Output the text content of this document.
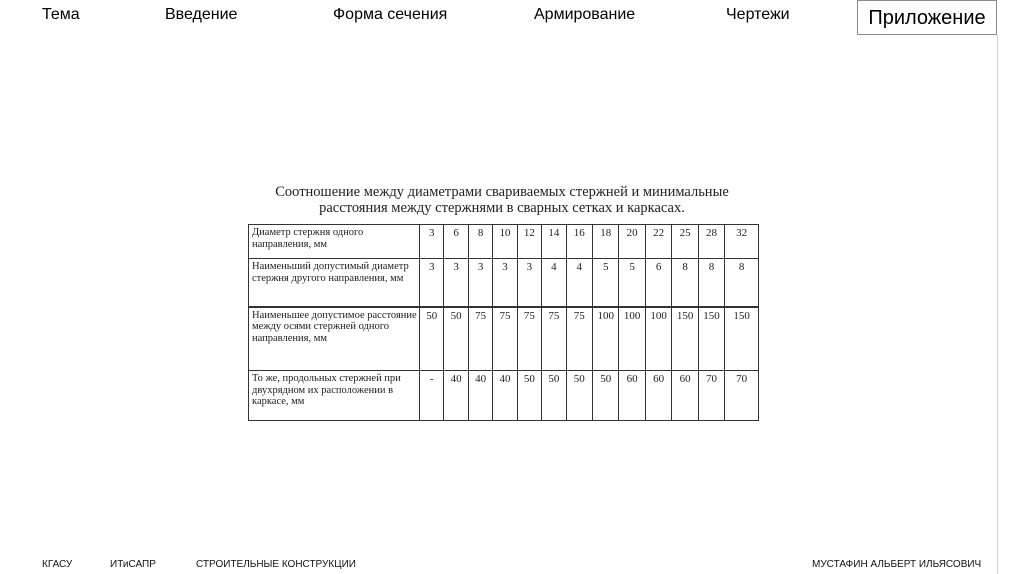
Тема	Введение	Форма сечения	Армирование	Чертежи	Приложение
Соотношение между диаметрами свариваемых стержней и минимальные
расстояния между стержнями в сварных сетках и каркасах.
Диаметр стержня одного направления, мм	3	6	8	10	12	14	16	18	20	22	25	28	32
Наименьший допустимый диаметр стержня другого направления, мм	3	3	3	3	3	4	4	5	5	6	8	8	8
Наименьшее допустимое расстояние между осями стержней одного направления, мм	50	50	75	75	75	75	75	100	100	100	150	150	150
То же, продольных стержней при двухрядном их расположении в каркасе, мм	-	40	40	40	50	50	50	50	60	60	60	70	70
КГАСУ	ИТиСАПР	СТРОИТЕЛЬНЫЕ КОНСТРУКЦИИ	МУСТАФИН АЛЬБЕРТ ИЛЬЯСОВИЧ
